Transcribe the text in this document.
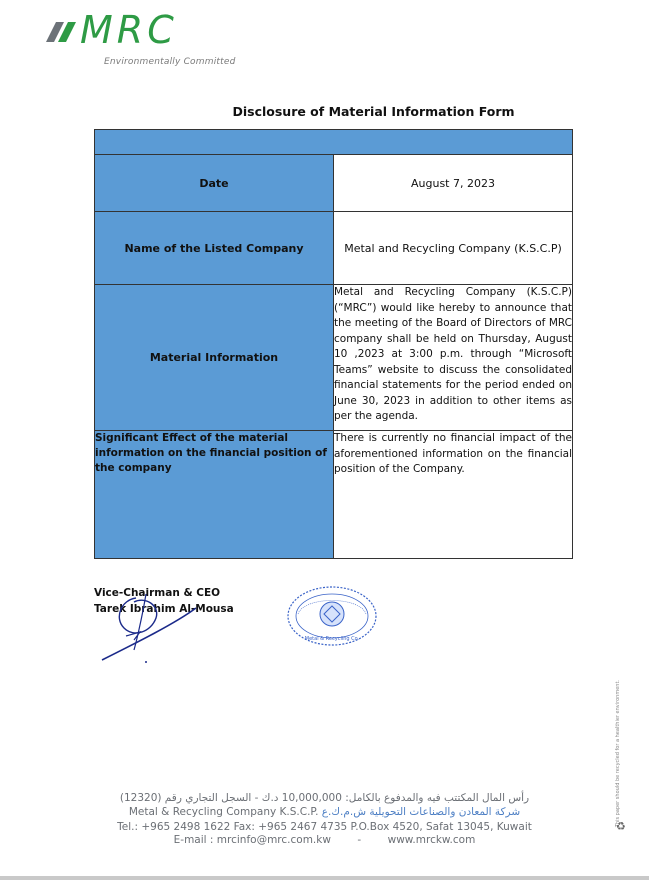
MRC
Environmentally Committed
Disclosure of Material Information Form

Date	August 7, 2023
Name of the Listed Company	Metal and Recycling Company (K.S.C.P)
Material Information	Metal and Recycling Company (K.S.C.P) (“MRC”) would like hereby to announce that the meeting of the Board of Directors of MRC company shall be held on Thursday, August 10 ,2023 at 3:00 p.m. through “Microsoft Teams” website to discuss the consolidated financial statements for the period ended on June 30, 2023 in addition to other items as per the agenda.
Significant Effect of the material information on the financial position of the company	There is currently no financial impact of the aforementioned information on the financial position of the Company.
Vice-Chairman & CEO
Tarek Ibrahim Al-Mousa
Metal & Recycling Co.
This paper should be recycled for a healthier environment.
♻
رأس المال المكتتب فيه والمدفوع بالكامل: 10,000,000 د.ك - السجل التجاري رقم (12320)
Metal & Recycling Company K.S.C.P. شركة المعادن والصناعات التحويلية ش.م.ك.ع
Tel.: +965 2498 1622 Fax: +965 2467 4735 P.O.Box 4520, Safat 13045, Kuwait
E-mail : mrcinfo@mrc.com.kw	-	www.mrckw.com
